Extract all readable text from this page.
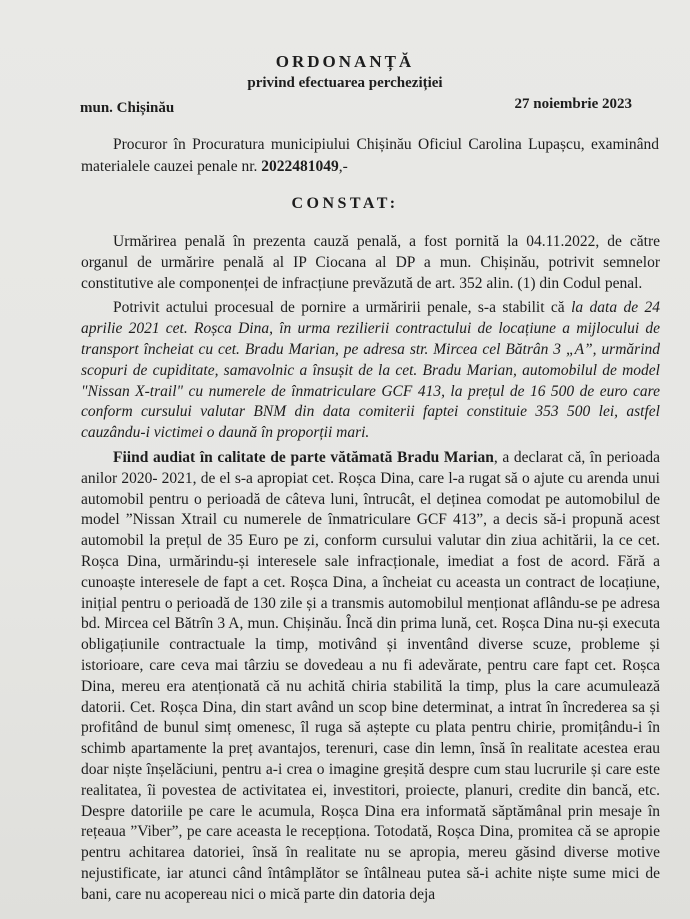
ORDONANȚĂ
privind efectuarea percheziției
mun. Chișinău	27 noiembrie 2023
Procuror în Procuratura municipiului Chișinău Oficiul Carolina Lupașcu, examinând materialele cauzei penale nr. 2022481049,-
CONSTAT:

Urmărirea penală în prezenta cauză penală, a fost pornită la 04.11.2022, de către organul de urmărire penală al IP Ciocana al DP a mun. Chișinău, potrivit semnelor constitutive ale componenței de infracțiune prevăzută de art. 352 alin. (1) din Codul penal.

Potrivit actului procesual de pornire a urmăririi penale, s-a stabilit că la data de 24 aprilie 2021 cet. Roșca Dina, în urma rezilierii contractului de locațiune a mijlocului de transport încheiat cu cet. Bradu Marian, pe adresa str. Mircea cel Bătrân 3 „A”, urmărind scopuri de cupiditate, samavolnic a însușit de la cet. Bradu Marian, automobilul de model "Nissan X-trail" cu numerele de înmatriculare GCF 413, la prețul de 16 500 de euro care conform cursului valutar BNM din data comiterii faptei constituie 353 500 lei, astfel cauzându-i victimei o daună în proporții mari.

Fiind audiat în calitate de parte vătămată Bradu Marian, a declarat că, în perioada anilor 2020- 2021, de el s-a apropiat cet. Roșca Dina, care l-a rugat să o ajute cu arenda unui automobil pentru o perioadă de câteva luni, întrucât, el deținea comodat pe automobilul de model ”Nissan Xtrail cu numerele de înmatriculare GCF 413”, a decis să-i propună acest automobil la prețul de 35 Euro pe zi, conform cursului valutar din ziua achitării, la ce cet. Roșca Dina, urmărindu-și interesele sale infracționale, imediat a fost de acord. Fără a cunoaște interesele de fapt a cet. Roșca Dina, a încheiat cu aceasta un contract de locațiune, inițial pentru o perioadă de 130 zile și a transmis automobilul menționat aflându-se pe adresa bd. Mircea cel Bătrîn 3 A, mun. Chișinău. Încă din prima lună, cet. Roșca Dina nu-și executa obligațiunile contractuale la timp, motivând și inventând diverse scuze, probleme și istorioare, care ceva mai târziu se dovedeau a nu fi adevărate, pentru care fapt cet. Roșca Dina, mereu era atenționată că nu achită chiria stabilită la timp, plus la care acumulează datorii. Cet. Roșca Dina, din start având un scop bine determinat, a intrat în încrederea sa și profitând de bunul simț omenesc, îl ruga să aștepte cu plata pentru chirie, promițându-i în schimb apartamente la preț avantajos, terenuri, case din lemn, însă în realitate acestea erau doar niște înșelăciuni, pentru a-i crea o imagine greșită despre cum stau lucrurile și care este realitatea, îi povestea de activitatea ei, investitori, proiecte, planuri, credite din bancă, etc. Despre datoriile pe care le acumula, Roșca Dina era informată săptămânal prin mesaje în rețeaua ”Viber”, pe care aceasta le recepționa. Totodată, Roșca Dina, promitea că se apropie pentru achitarea datoriei, însă în realitate nu se apropia, mereu găsind diverse motive nejustificate, iar atunci când întâmplător se întâlneau putea să-i achite niște sume mici de bani, care nu acopereau nici o mică parte din datoria deja
